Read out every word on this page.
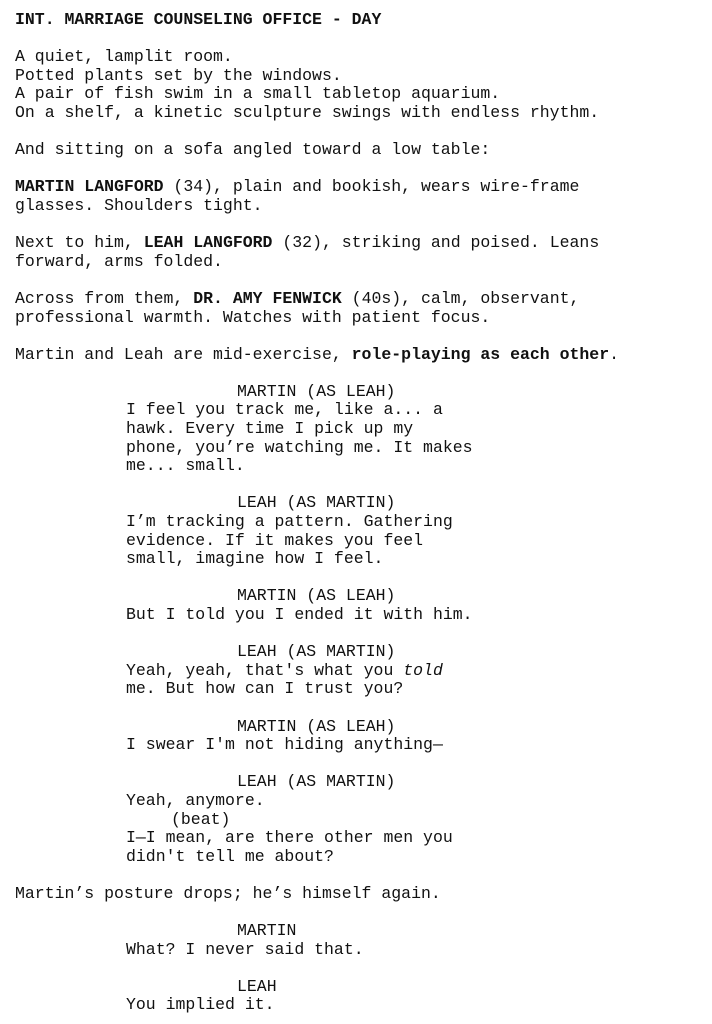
INT. MARRIAGE COUNSELING OFFICE - DAY
A quiet, lamplit room.
Potted plants set by the windows.
A pair of fish swim in a small tabletop aquarium.
On a shelf, a kinetic sculpture swings with endless rhythm.
And sitting on a sofa angled toward a low table:
MARTIN LANGFORD (34), plain and bookish, wears wire-frame
glasses. Shoulders tight.
Next to him, LEAH LANGFORD (32), striking and poised. Leans
forward, arms folded.
Across from them, DR. AMY FENWICK (40s), calm, observant,
professional warmth. Watches with patient focus.
Martin and Leah are mid-exercise, role-playing as each other.
MARTIN (AS LEAH)
I feel you track me, like a... a
hawk. Every time I pick up my
phone, you’re watching me. It makes
me... small.
LEAH (AS MARTIN)
I’m tracking a pattern. Gathering
evidence. If it makes you feel
small, imagine how I feel.
MARTIN (AS LEAH)
But I told you I ended it with him.
LEAH (AS MARTIN)
Yeah, yeah, that's what you told
me. But how can I trust you?
MARTIN (AS LEAH)
I swear I'm not hiding anything—
LEAH (AS MARTIN)
Yeah, anymore.
(beat)
I—I mean, are there other men you
didn't tell me about?
Martin’s posture drops; he’s himself again.
MARTIN
What? I never said that.
LEAH
You implied it.
